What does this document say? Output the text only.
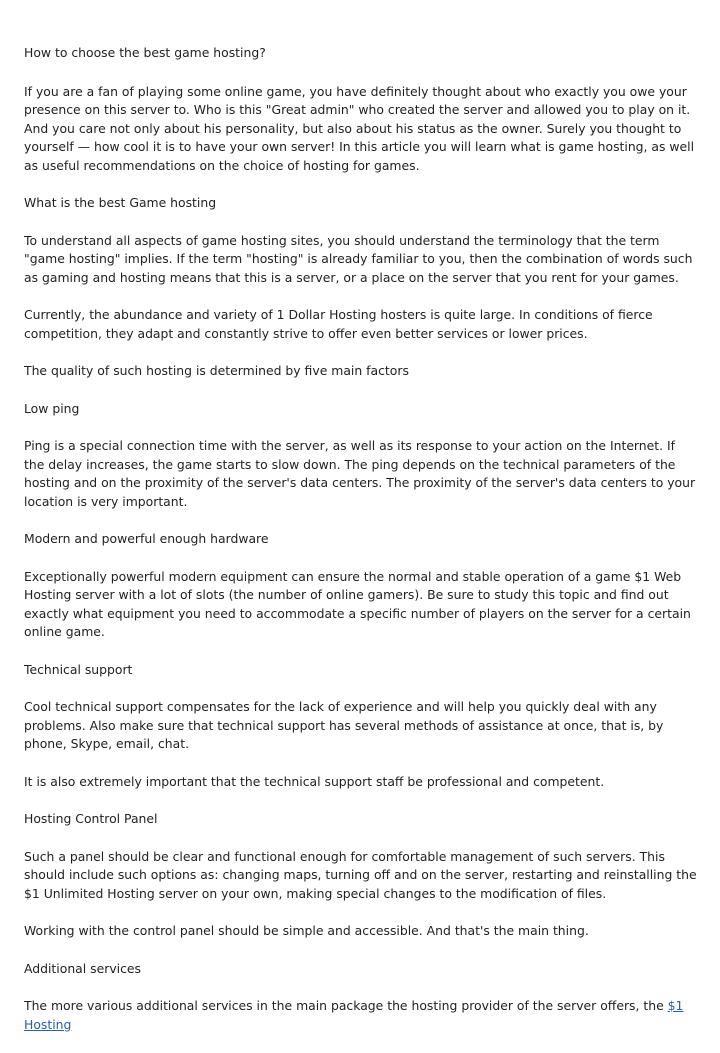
How to choose the best game hosting?

If you are a fan of playing some online game, you have definitely thought about who exactly you owe your presence on this server to. Who is this "Great admin" who created the server and allowed you to play on it. And you care not only about his personality, but also about his status as the owner. Surely you thought to yourself — how cool it is to have your own server! In this article you will learn what is game hosting, as well as useful recommendations on the choice of hosting for games.

What is the best Game hosting

To understand all aspects of game hosting sites, you should understand the terminology that the term "game hosting" implies. If the term "hosting" is already familiar to you, then the combination of words such as gaming and hosting means that this is a server, or a place on the server that you rent for your games.

Currently, the abundance and variety of 1 Dollar Hosting hosters is quite large. In conditions of fierce competition, they adapt and constantly strive to offer even better services or lower prices.

The quality of such hosting is determined by five main factors

Low ping

Ping is a special connection time with the server, as well as its response to your action on the Internet. If the delay increases, the game starts to slow down. The ping depends on the technical parameters of the hosting and on the proximity of the server's data centers. The proximity of the server's data centers to your location is very important.

Modern and powerful enough hardware

Exceptionally powerful modern equipment can ensure the normal and stable operation of a game $1 Web Hosting server with a lot of slots (the number of online gamers). Be sure to study this topic and find out exactly what equipment you need to accommodate a specific number of players on the server for a certain online game.

Technical support

Cool technical support compensates for the lack of experience and will help you quickly deal with any problems. Also make sure that technical support has several methods of assistance at once, that is, by phone, Skype, email, chat.

It is also extremely important that the technical support staff be professional and competent.

Hosting Control Panel

Such a panel should be clear and functional enough for comfortable management of such servers. This should include such options as: changing maps, turning off and on the server, restarting and reinstalling the $1 Unlimited Hosting server on your own, making special changes to the modification of files.

Working with the control panel should be simple and accessible. And that's the main thing.

Additional services

The more various additional services in the main package the hosting provider of the server offers, the $1 Hosting
